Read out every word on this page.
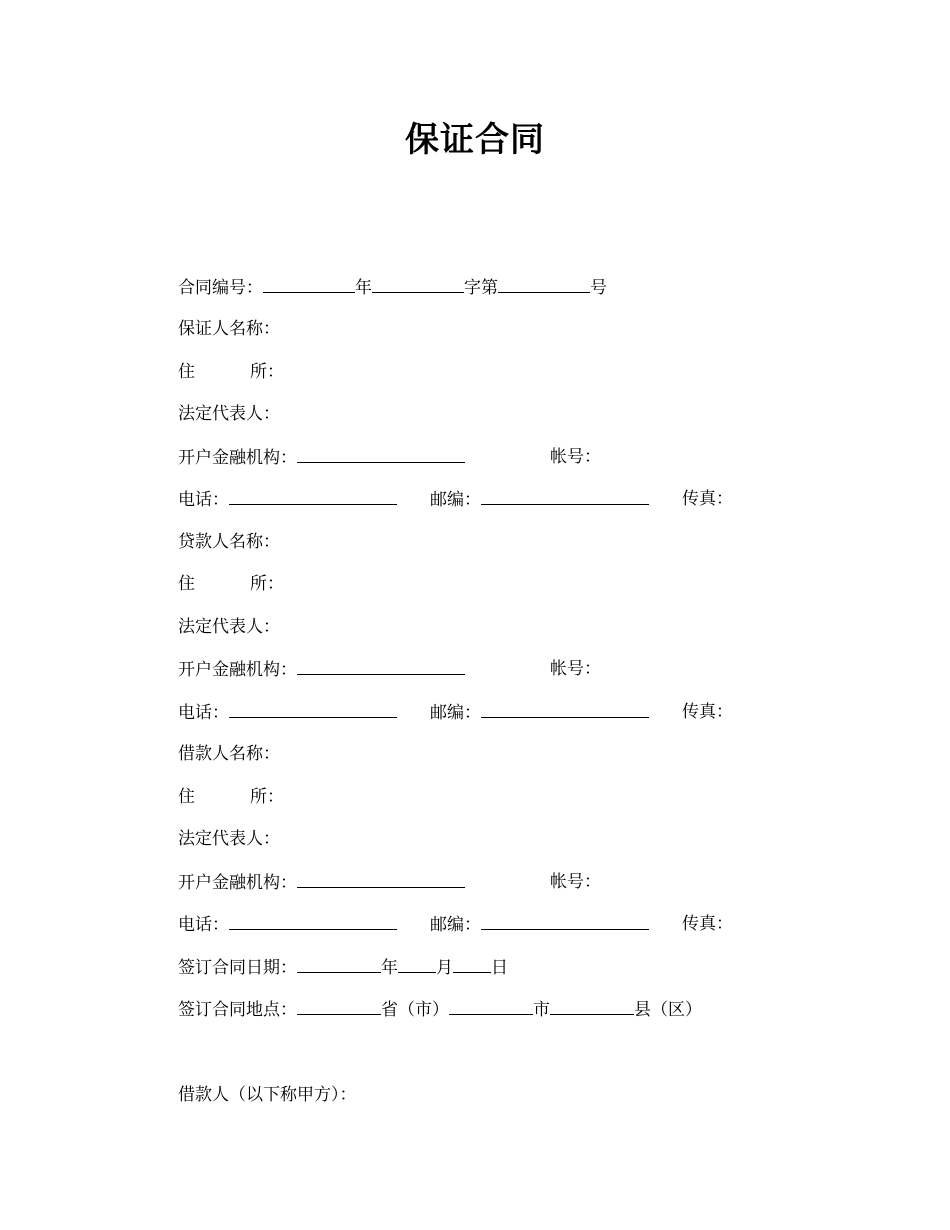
保证合同
合同编号：	年	字第	号
保证人名称：
住	所：
法定代表人：
开户金融机构：	帐号：
电话：	邮编：	传真：
贷款人名称：
住	所：
法定代表人：
开户金融机构：	帐号：
电话：	邮编：	传真：
借款人名称：
住	所：
法定代表人：
开户金融机构：	帐号：
电话：	邮编：	传真：
签订合同日期：	年 月 日
签订合同地点：	省（市）	市	县（区）
借款人（以下称甲方）：
